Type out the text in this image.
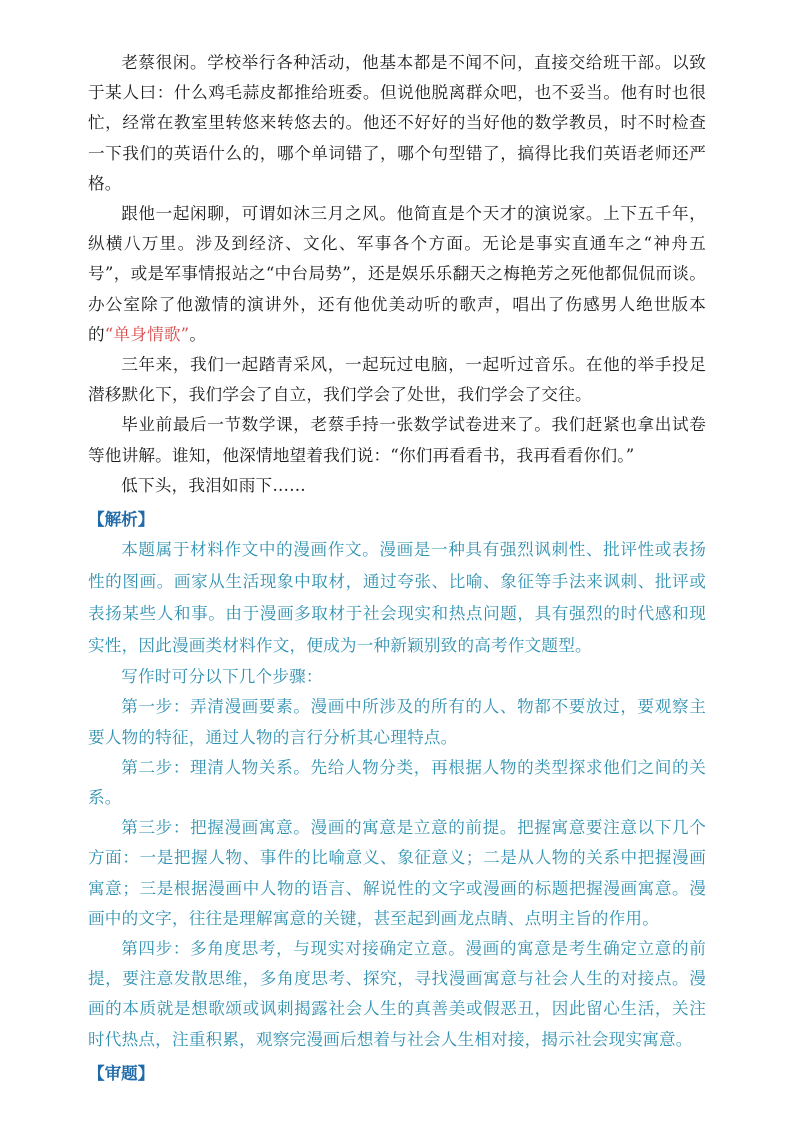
老蔡很闲。学校举行各种活动，他基本都是不闻不问，直接交给班干部。以致于某人曰：什么鸡毛蒜皮都推给班委。但说他脱离群众吧，也不妥当。他有时也很忙，经常在教室里转悠来转悠去的。他还不好好的当好他的数学教员，时不时检查一下我们的英语什么的，哪个单词错了，哪个句型错了，搞得比我们英语老师还严格。

跟他一起闲聊，可谓如沐三月之风。他简直是个天才的演说家。上下五千年，纵横八万里。涉及到经济、文化、军事各个方面。无论是事实直通车之“神舟五号”，或是军事情报站之“中台局势”，还是娱乐乐翻天之梅艳芳之死他都侃侃而谈。办公室除了他激情的演讲外，还有他优美动听的歌声，唱出了伤感男人绝世版本的“单身情歌”。

三年来，我们一起踏青采风，一起玩过电脑，一起听过音乐。在他的举手投足潜移默化下，我们学会了自立，我们学会了处世，我们学会了交往。

毕业前最后一节数学课，老蔡手持一张数学试卷进来了。我们赶紧也拿出试卷等他讲解。谁知，他深情地望着我们说：“你们再看看书，我再看看你们。”

低下头，我泪如雨下……

【解析】

本题属于材料作文中的漫画作文。漫画是一种具有强烈讽刺性、批评性或表扬性的图画。画家从生活现象中取材，通过夸张、比喻、象征等手法来讽刺、批评或表扬某些人和事。由于漫画多取材于社会现实和热点问题，具有强烈的时代感和现实性，因此漫画类材料作文，便成为一种新颖别致的高考作文题型。

写作时可分以下几个步骤：

第一步：弄清漫画要素。漫画中所涉及的所有的人、物都不要放过，要观察主要人物的特征，通过人物的言行分析其心理特点。

第二步：理清人物关系。先给人物分类，再根据人物的类型探求他们之间的关系。

第三步：把握漫画寓意。漫画的寓意是立意的前提。把握寓意要注意以下几个方面：一是把握人物、事件的比喻意义、象征意义；二是从人物的关系中把握漫画寓意；三是根据漫画中人物的语言、解说性的文字或漫画的标题把握漫画寓意。漫画中的文字，往往是理解寓意的关键，甚至起到画龙点睛、点明主旨的作用。

第四步：多角度思考，与现实对接确定立意。漫画的寓意是考生确定立意的前提，要注意发散思维，多角度思考、探究，寻找漫画寓意与社会人生的对接点。漫画的本质就是想歌颂或讽刺揭露社会人生的真善美或假恶丑，因此留心生活，关注时代热点，注重积累，观察完漫画后想着与社会人生相对接，揭示社会现实寓意。

【审题】
